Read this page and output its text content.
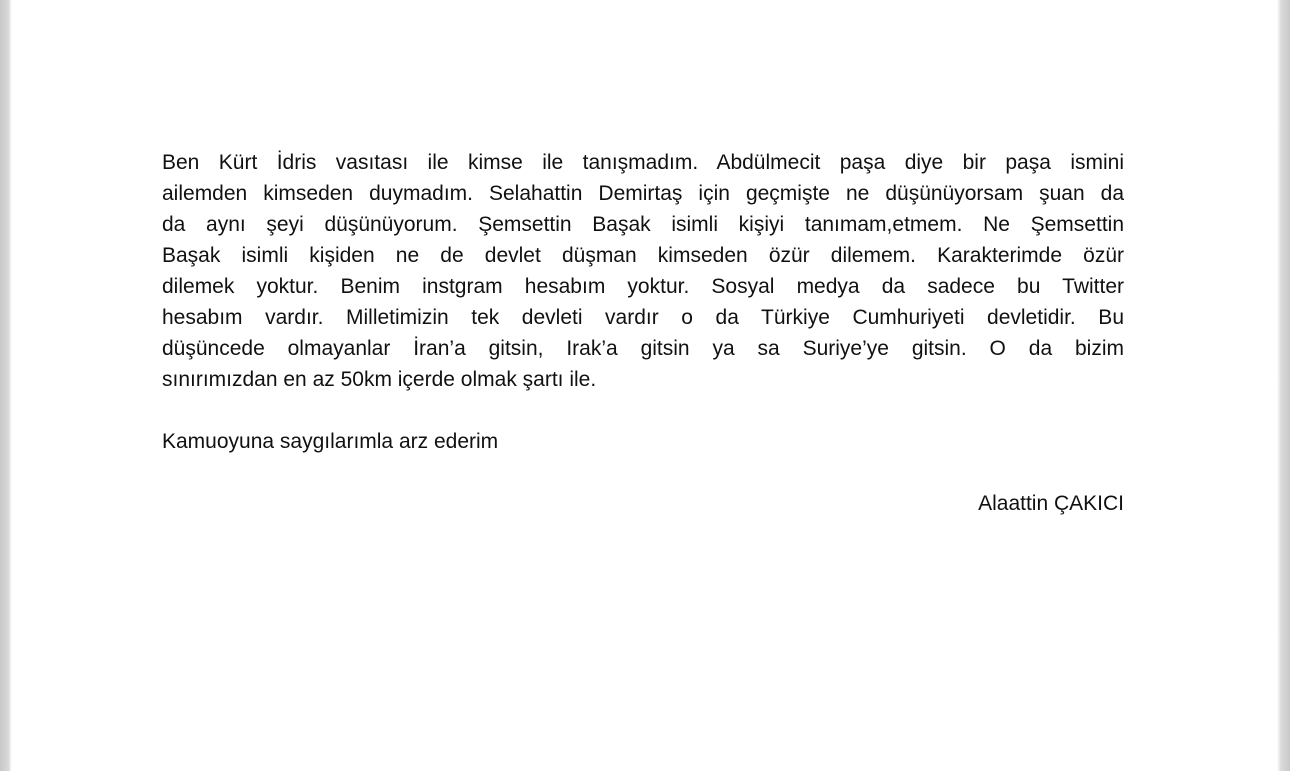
Ben Kürt İdris vasıtası ile kimse ile tanışmadım. Abdülmecit paşa diye bir paşa ismini
ailemden kimseden duymadım. Selahattin Demirtaş için geçmişte ne düşünüyorsam şuan da
da aynı şeyi düşünüyorum. Şemsettin Başak isimli kişiyi tanımam,etmem. Ne Şemsettin
Başak isimli kişiden ne de devlet düşman kimseden özür dilemem. Karakterimde özür
dilemek yoktur. Benim instgram hesabım yoktur. Sosyal medya da sadece bu Twitter
hesabım vardır. Milletimizin tek devleti vardır o da Türkiye Cumhuriyeti devletidir. Bu
düşüncede olmayanlar İran’a gitsin, Irak’a gitsin ya sa Suriye’ye gitsin. O da bizim
sınırımızdan en az 50km içerde olmak şartı ile.
Kamuoyuna saygılarımla arz ederim
Alaattin ÇAKICI
